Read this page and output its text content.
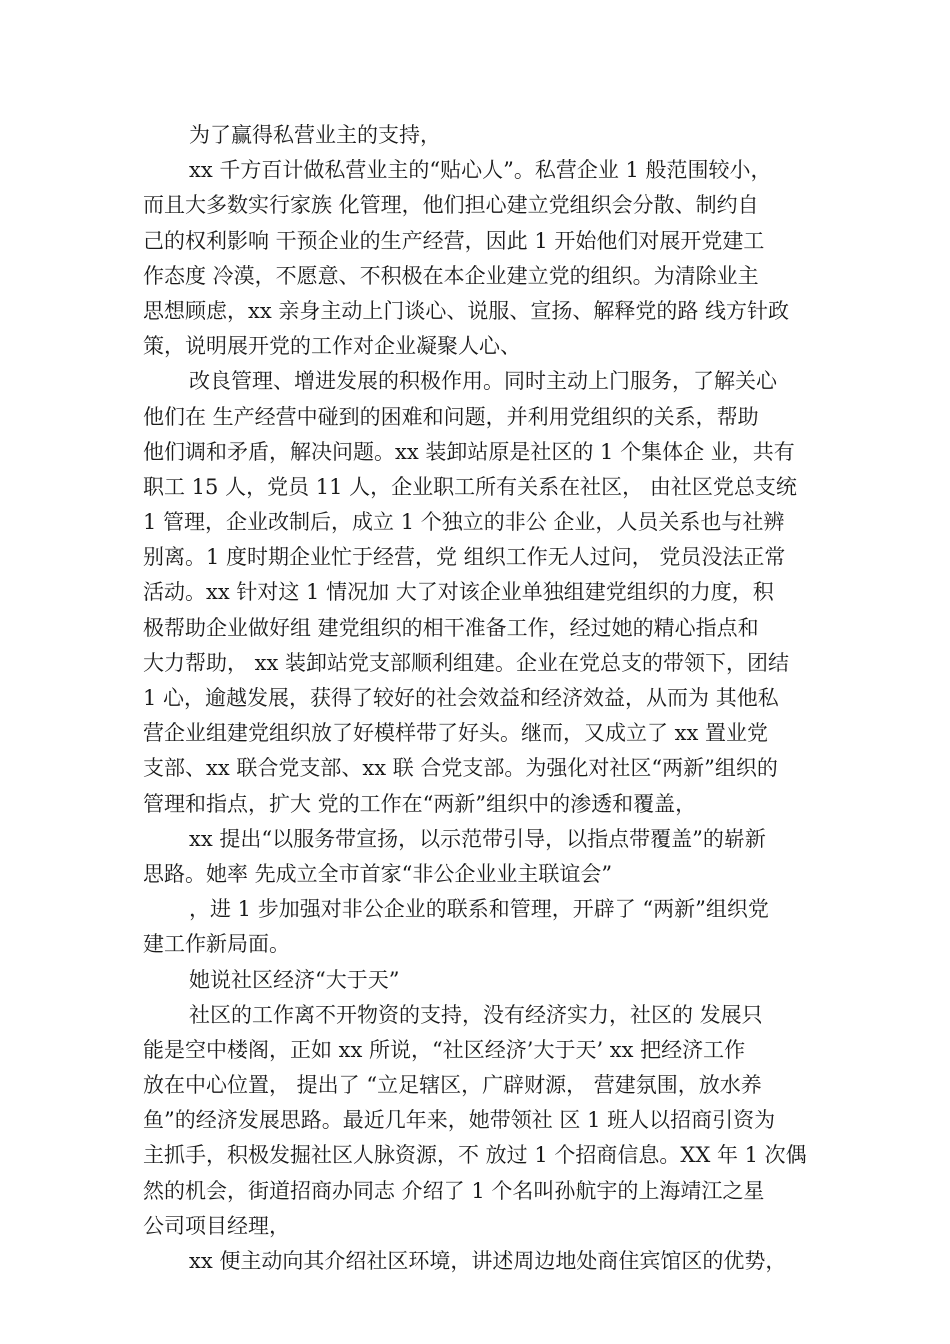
为了赢得私营业主的支持，
xx 千方百计做私营业主的“贴心人”。私营企业 1 般范围较小，
而且大多数实行家族 化管理，他们担心建立党组织会分散、制约自
己的权利影响 干预企业的生产经营，因此 1 开始他们对展开党建工
作态度 冷漠，不愿意、不积极在本企业建立党的组织。为清除业主
思想顾虑，xx 亲身主动上门谈心、说服、宣扬、解释党的路 线方针政
策，说明展开党的工作对企业凝聚人心、
改良管理、增进发展的积极作用。同时主动上门服务，了解关心
他们在 生产经营中碰到的困难和问题，并利用党组织的关系，帮助
他们调和矛盾，解决问题。xx 装卸站原是社区的 1 个集体企 业，共有
职工 15 人，党员 11 人，企业职工所有关系在社区， 由社区党总支统
1 管理，企业改制后，成立 1 个独立的非公 企业，人员关系也与社辨
别离。1 度时期企业忙于经营，党 组织工作无人过问， 党员没法正常
活动。xx 针对这 1 情况加 大了对该企业单独组建党组织的力度，积
极帮助企业做好组 建党组织的相干准备工作，经过她的精心指点和
大力帮助， xx 装卸站党支部顺利组建。企业在党总支的带领下，团结
1 心，逾越发展，获得了较好的社会效益和经济效益，从而为 其他私
营企业组建党组织放了好模样带了好头。继而，又成立了 xx 置业党
支部、xx 联合党支部、xx 联 合党支部。为强化对社区“两新”组织的
管理和指点，扩大 党的工作在“两新”组织中的渗透和覆盖，
xx 提出“以服务带宣扬，以示范带引导，以指点带覆盖”的崭新
思路。她率 先成立全市首家“非公企业业主联谊会”
，进 1 步加强对非公企业的联系和管理，开辟了 “两新”组织党
建工作新局面。
她说社区经济“大于天”
社区的工作离不开物资的支持，没有经济实力，社区的 发展只
能是空中楼阁，正如 xx 所说，“社区经济’大于天’ xx 把经济工作
放在中心位置， 提出了 “立足辖区，广辟财源， 营建氛围，放水养
鱼”的经济发展思路。最近几年来，她带领社 区 1 班人以招商引资为
主抓手，积极发掘社区人脉资源，不 放过 1 个招商信息。XX 年 1 次偶
然的机会，街道招商办同志 介绍了 1 个名叫孙航宇的上海靖江之星
公司项目经理，
xx 便主动向其介绍社区环境，讲述周边地处商住宾馆区的优势，
